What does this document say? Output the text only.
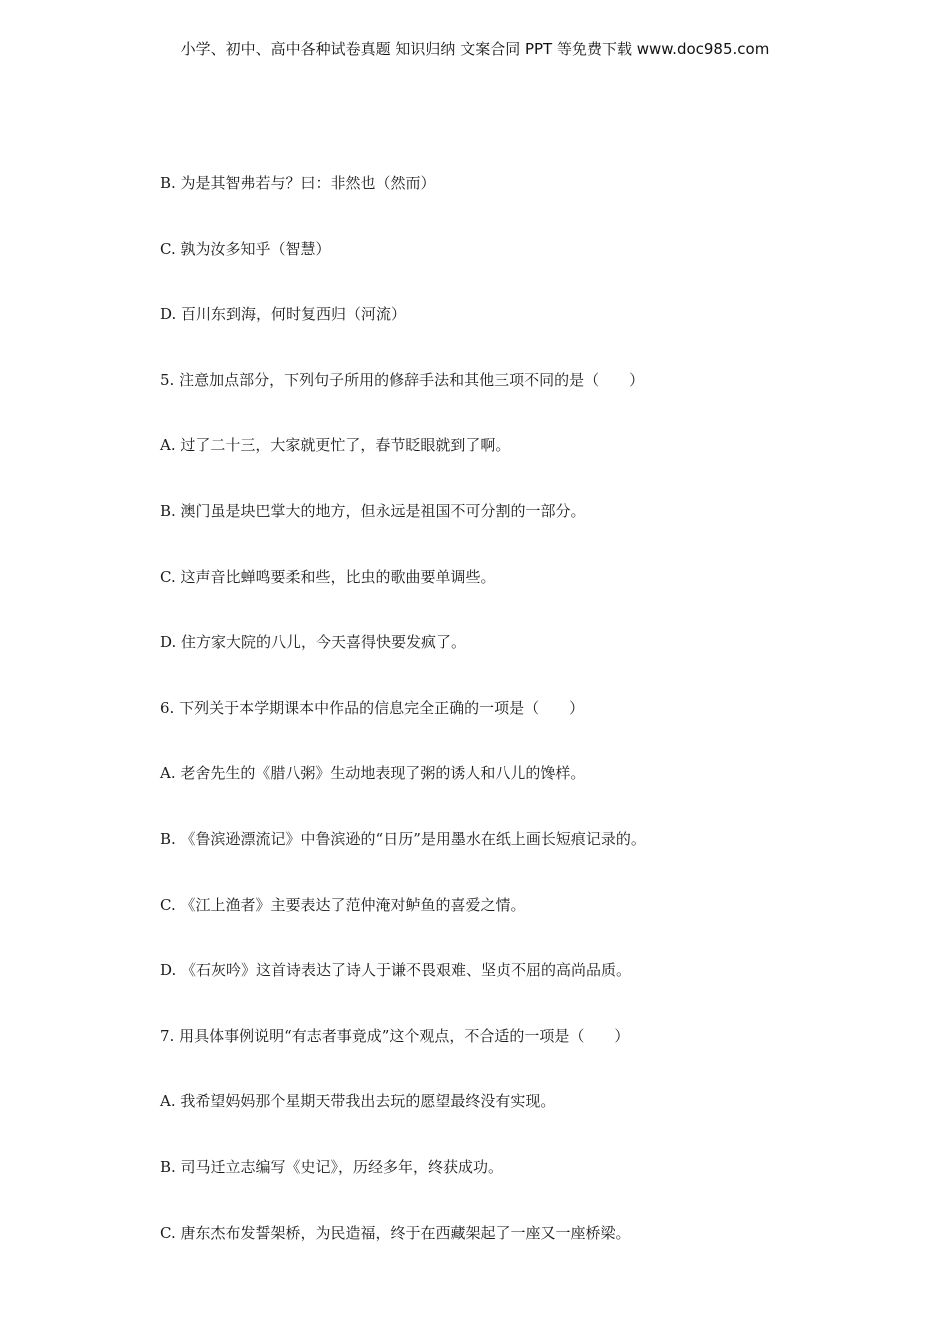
小学、初中、高中各种试卷真题 知识归纳 文案合同 PPT 等免费下载 www.doc985.com
B. 为是其智弗若与？曰：非然也（然而）
C. 孰为汝多知乎（智慧）
D. 百川东到海，何时复西归（河流）
5. 注意加点部分，下列句子所用的修辞手法和其他三项不同的是（　　）
A. 过了二十三，大家就更忙了，春节眨眼就到了啊。
B. 澳门虽是块巴掌大的地方，但永远是祖国不可分割的一部分。
C. 这声音比蝉鸣要柔和些，比虫的歌曲要单调些。
D. 住方家大院的八儿，今天喜得快要发疯了。
6. 下列关于本学期课本中作品的信息完全正确的一项是（　　）
A. 老舍先生的《腊八粥》生动地表现了粥的诱人和八儿的馋样。
B. 《鲁滨逊漂流记》中鲁滨逊的“日历”是用墨水在纸上画长短痕记录的。
C. 《江上渔者》主要表达了范仲淹对鲈鱼的喜爱之情。
D. 《石灰吟》这首诗表达了诗人于谦不畏艰难、坚贞不屈的高尚品质。
7. 用具体事例说明“有志者事竟成”这个观点，不合适的一项是（　　）
A. 我希望妈妈那个星期天带我出去玩的愿望最终没有实现。
B. 司马迁立志编写《史记》，历经多年，终获成功。
C. 唐东杰布发誓架桥，为民造福，终于在西藏架起了一座又一座桥梁。
